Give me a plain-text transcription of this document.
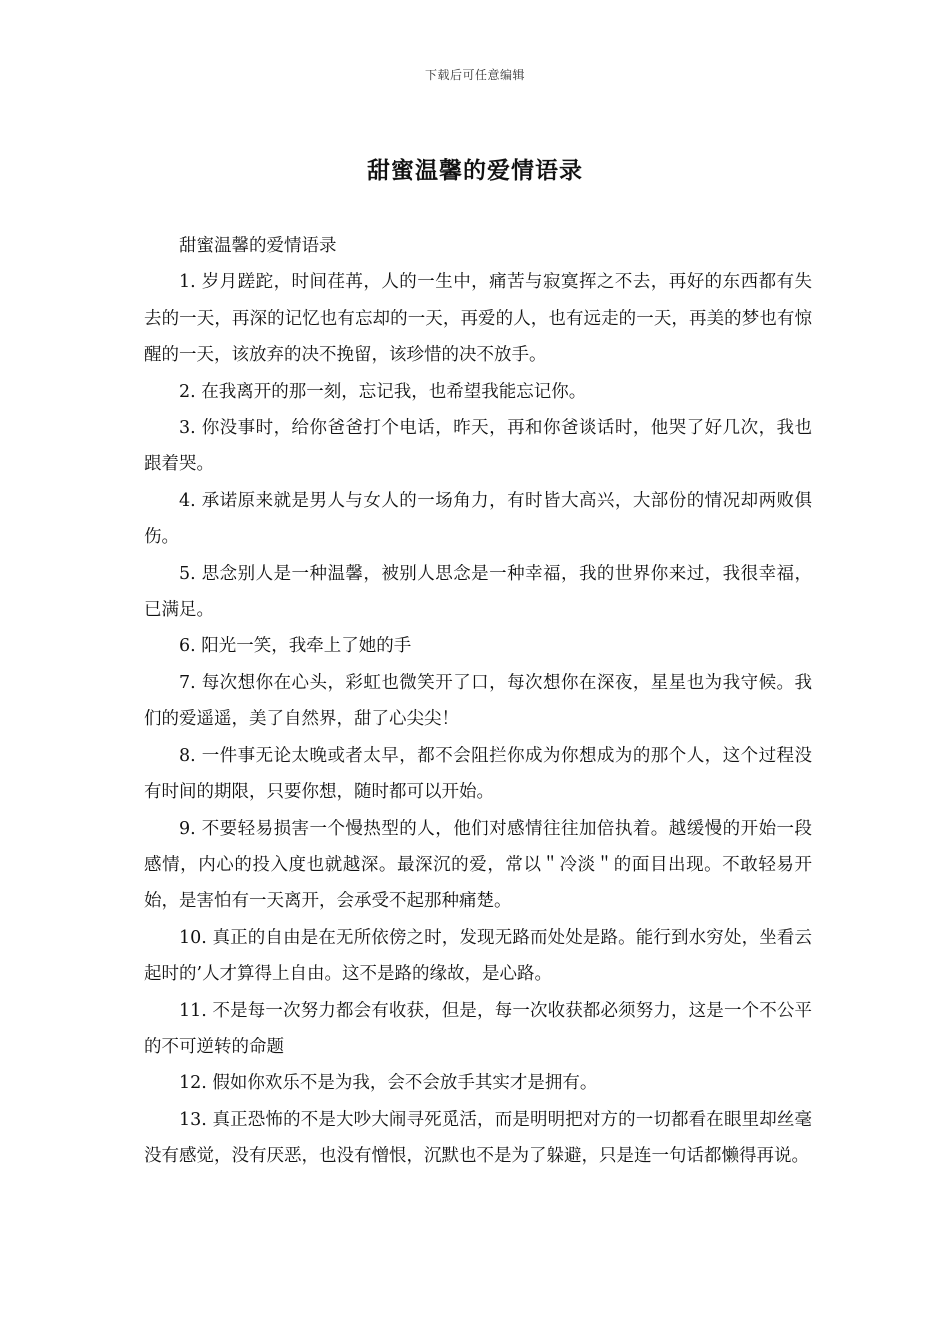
下载后可任意编辑
甜蜜温馨的爱情语录

甜蜜温馨的爱情语录

1. 岁月蹉跎，时间荏苒，人的一生中，痛苦与寂寞挥之不去，再好的东西都有失去的一天，再深的记忆也有忘却的一天，再爱的人，也有远走的一天，再美的梦也有惊醒的一天，该放弃的决不挽留，该珍惜的决不放手。

2. 在我离开的那一刻，忘记我，也希望我能忘记你。

3. 你没事时，给你爸爸打个电话，昨天，再和你爸谈话时，他哭了好几次，我也跟着哭。

4. 承诺原来就是男人与女人的一场角力，有时皆大高兴，大部份的情况却两败俱伤。

5. 思念别人是一种温馨，被别人思念是一种幸福，我的世界你来过，我很幸福，已满足。

6. 阳光一笑，我牵上了她的手

7. 每次想你在心头，彩虹也微笑开了口，每次想你在深夜，星星也为我守候。我们的爱遥遥，美了自然界，甜了心尖尖！

8. 一件事无论太晚或者太早，都不会阻拦你成为你想成为的那个人，这个过程没有时间的期限，只要你想，随时都可以开始。

9. 不要轻易损害一个慢热型的人，他们对感情往往加倍执着。越缓慢的开始一段感情，内心的投入度也就越深。最深沉的爱，常以＂冷淡＂的面目出现。不敢轻易开始，是害怕有一天离开，会承受不起那种痛楚。

10. 真正的自由是在无所依傍之时，发现无路而处处是路。能行到水穷处，坐看云起时的’人才算得上自由。这不是路的缘故，是心路。

11. 不是每一次努力都会有收获，但是，每一次收获都必须努力，这是一个不公平的不可逆转的命题

12. 假如你欢乐不是为我，会不会放手其实才是拥有。

13. 真正恐怖的不是大吵大闹寻死觅活，而是明明把对方的一切都看在眼里却丝毫没有感觉，没有厌恶，也没有憎恨，沉默也不是为了躲避，只是连一句话都懒得再说。
